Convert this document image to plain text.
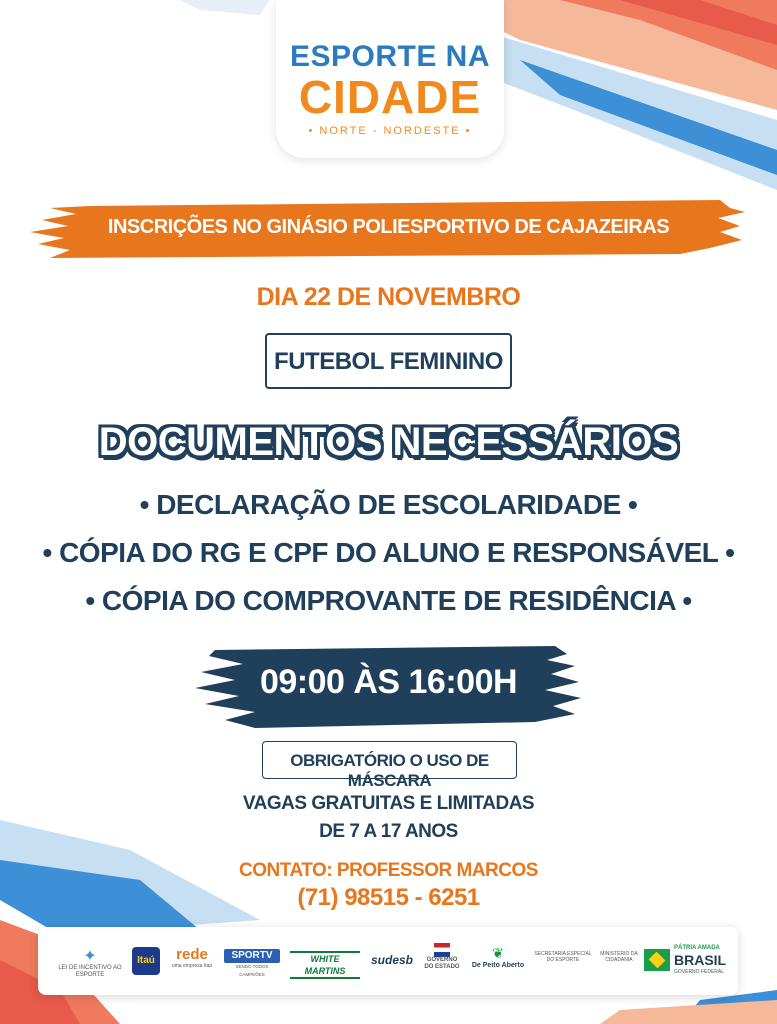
ESPORTE NA
CIDADE
• NORTE - NORDESTE •
INSCRIÇÕES NO GINÁSIO POLIESPORTIVO DE CAJAZEIRAS
DIA 22 DE NOVEMBRO
FUTEBOL FEMININO
DOCUMENTOS NECESSÁRIOS
• DECLARAÇÃO DE ESCOLARIDADE •
• CÓPIA DO RG E CPF DO ALUNO E RESPONSÁVEL •
• CÓPIA DO COMPROVANTE DE RESIDÊNCIA •
09:00 ÀS 16:00H
OBRIGATÓRIO O USO DE MÁSCARA
VAGAS GRATUITAS E LIMITADAS
DE 7 A 17 ANOS
CONTATO: PROFESSOR MARCOS
(71) 98515 - 6251
✦
LEI DE INCENTIVO AO ESPORTE
Itaú	rede
uma empresa Itaú
SPORTV
SENDO TODOS CAMPEÕES
WHITE MARTINS
sudesb	GOVERNO DO ESTADO
❦
De Peito Aberto
SECRETARIA ESPECIAL DO ESPORTE
MINISTÉRIO DA CIDADANIA
PÁTRIA AMADA
BRASIL
GOVERNO FEDERAL
